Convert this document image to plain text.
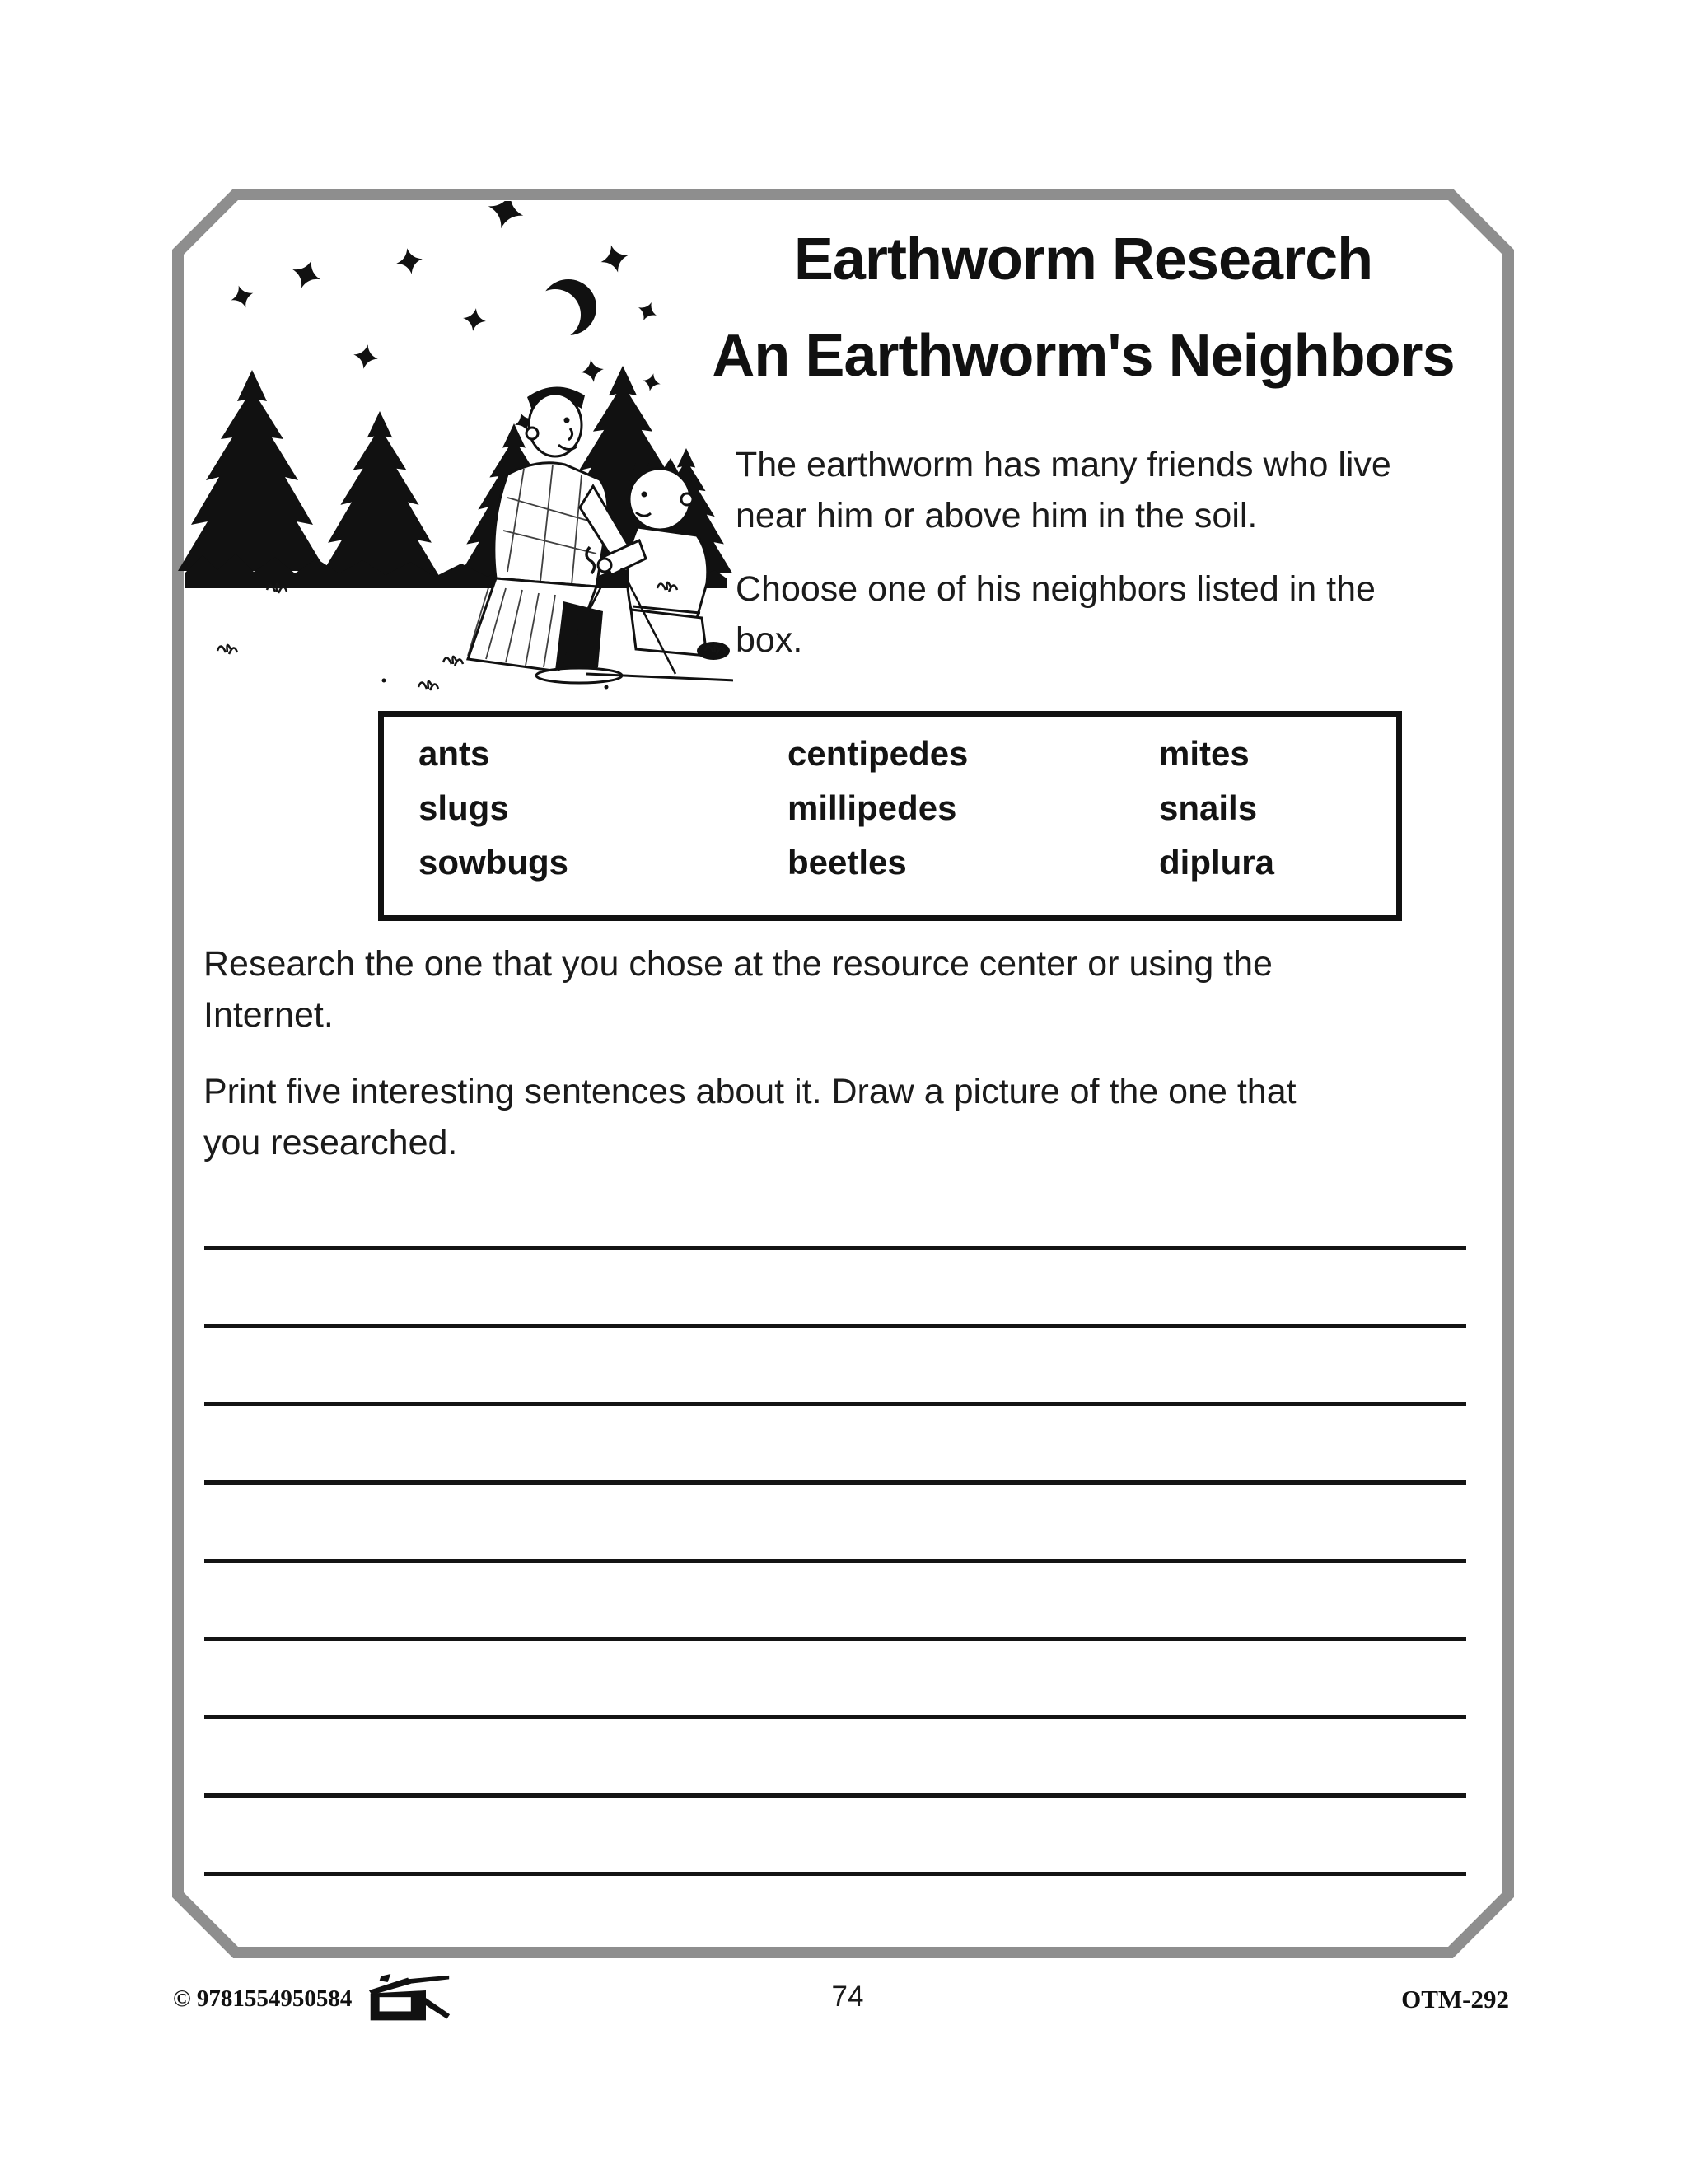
Earthworm Research
An Earthworm's Neighbors
The earthworm has many friends who live
near him or above him in the soil.
Choose one of his neighbors listed in the
box.
ants	centipedes	mites
slugs	millipedes	snails
sowbugs	beetles	diplura
Research the one that you chose at the resource center or using the
Internet.
Print five interesting sentences about it. Draw a picture of the one that
you researched.
© 9781554950584	74	OTM-292
